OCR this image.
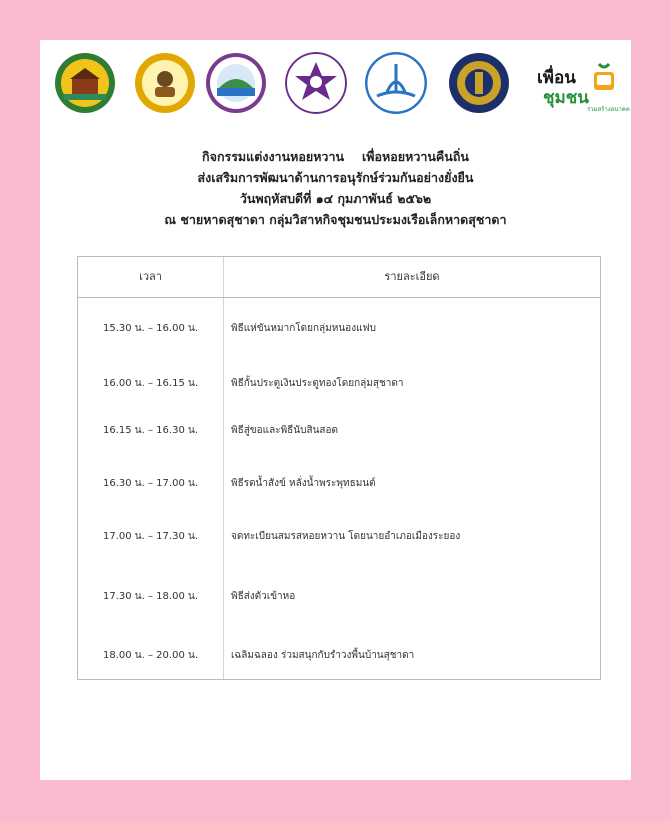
เพื่อน
ชุมชน
ร่วมสร้างอนาคต
กิจกรรมแต่งงานหอยหวาน เพื่อหอยหวานคืนถิ่น
ส่งเสริมการพัฒนาด้านการอนุรักษ์ร่วมกันอย่างยั่งยืน
วันพฤหัสบดีที่ ๑๔ กุมภาพันธ์ ๒๕๖๒
ณ ชายหาดสุชาดา กลุ่มวิสาหกิจชุมชนประมงเรือเล็กหาดสุชาดา
เวลา	รายละเอียด
15.30 น. – 16.00 น.	พิธีแห่ขันหมากโดยกลุ่มหนองแฟบ
16.00 น. – 16.15 น.	พิธีกั้นประตูเงินประตูทองโดยกลุ่มสุชาดา
16.15 น. – 16.30 น.	พิธีสู่ขอและพิธีนับสินสอด
16.30 น. – 17.00 น.	พิธีรดน้ำสังข์ หลั่งน้ำพระพุทธมนต์
17.00 น. – 17.30 น.	จดทะเบียนสมรสหอยหวาน โดยนายอำเภอเมืองระยอง
17.30 น. – 18.00 น.	พิธีส่งตัวเข้าหอ
18.00 น. – 20.00 น.	เฉลิมฉลอง ร่วมสนุกกับรำวงพื้นบ้านสุชาดา
